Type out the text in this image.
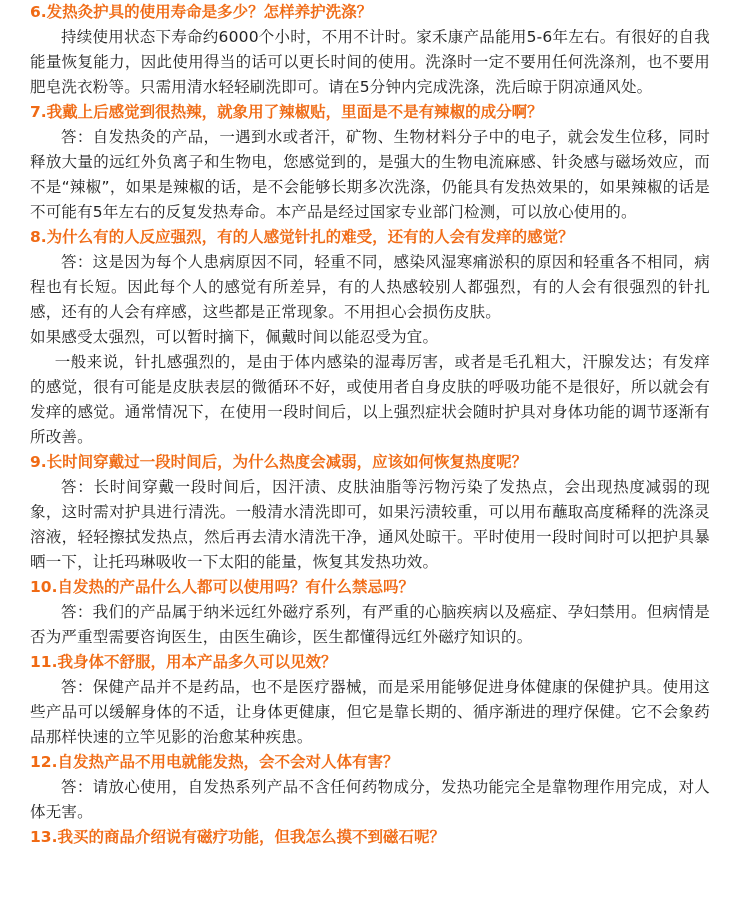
6.发热灸护具的使用寿命是多少？怎样养护洗涤？

持续使用状态下寿命约6000个小时，不用不计时。家禾康产品能用5-6年左右。有很好的自我能量恢复能力，因此使用得当的话可以更长时间的使用。洗涤时一定不要用任何洗涤剂，也不要用肥皂洗衣粉等。只需用清水轻轻刷洗即可。请在5分钟内完成洗涤，洗后晾于阴凉通风处。

7.我戴上后感觉到很热辣，就象用了辣椒贴，里面是不是有辣椒的成分啊？

答：自发热灸的产品，一遇到水或者汗，矿物、生物材料分子中的电子，就会发生位移，同时释放大量的远红外负离子和生物电，您感觉到的，是强大的生物电流麻感、针灸感与磁场效应，而不是“辣椒”，如果是辣椒的话，是不会能够长期多次洗涤，仍能具有发热效果的，如果辣椒的话是不可能有5年左右的反复发热寿命。本产品是经过国家专业部门检测，可以放心使用的。

8.为什么有的人反应强烈，有的人感觉针扎的难受，还有的人会有发痒的感觉？

答：这是因为每个人患病原因不同，轻重不同，感染风湿寒痛淤积的原因和轻重各不相同，病程也有长短。因此每个人的感觉有所差异，有的人热感较别人都强烈，有的人会有很强烈的针扎感，还有的人会有痒感，这些都是正常现象。不用担心会损伤皮肤。

如果感受太强烈，可以暂时摘下，佩戴时间以能忍受为宜。

一般来说，针扎感强烈的，是由于体内感染的湿毒厉害，或者是毛孔粗大，汗腺发达；有发痒的感觉，很有可能是皮肤表层的微循环不好，或使用者自身皮肤的呼吸功能不是很好，所以就会有发痒的感觉。通常情况下，在使用一段时间后，以上强烈症状会随时护具对身体功能的调节逐渐有所改善。

9.长时间穿戴过一段时间后，为什么热度会减弱，应该如何恢复热度呢？

答：长时间穿戴一段时间后，因汗渍、皮肤油脂等污物污染了发热点，会出现热度减弱的现象，这时需对护具进行清洗。一般清水清洗即可，如果污渍较重，可以用布蘸取高度稀释的洗涤灵溶液，轻轻擦拭发热点，然后再去清水清洗干净，通风处晾干。平时使用一段时间时可以把护具暴晒一下，让托玛琳吸收一下太阳的能量，恢复其发热功效。

10.自发热的产品什么人都可以使用吗？有什么禁忌吗？

答：我们的产品属于纳米远红外磁疗系列，有严重的心脑疾病以及癌症、孕妇禁用。但病情是否为严重型需要咨询医生，由医生确诊，医生都懂得远红外磁疗知识的。

11.我身体不舒服，用本产品多久可以见效？

答：保健产品并不是药品，也不是医疗器械，而是采用能够促进身体健康的保健护具。使用这些产品可以缓解身体的不适，让身体更健康，但它是靠长期的、循序渐进的理疗保健。它不会象药品那样快速的立竿见影的治愈某种疾患。

12.自发热产品不用电就能发热，会不会对人体有害？

答：请放心使用，自发热系列产品不含任何药物成分，发热功能完全是靠物理作用完成，对人体无害。

13.我买的商品介绍说有磁疗功能，但我怎么摸不到磁石呢？
